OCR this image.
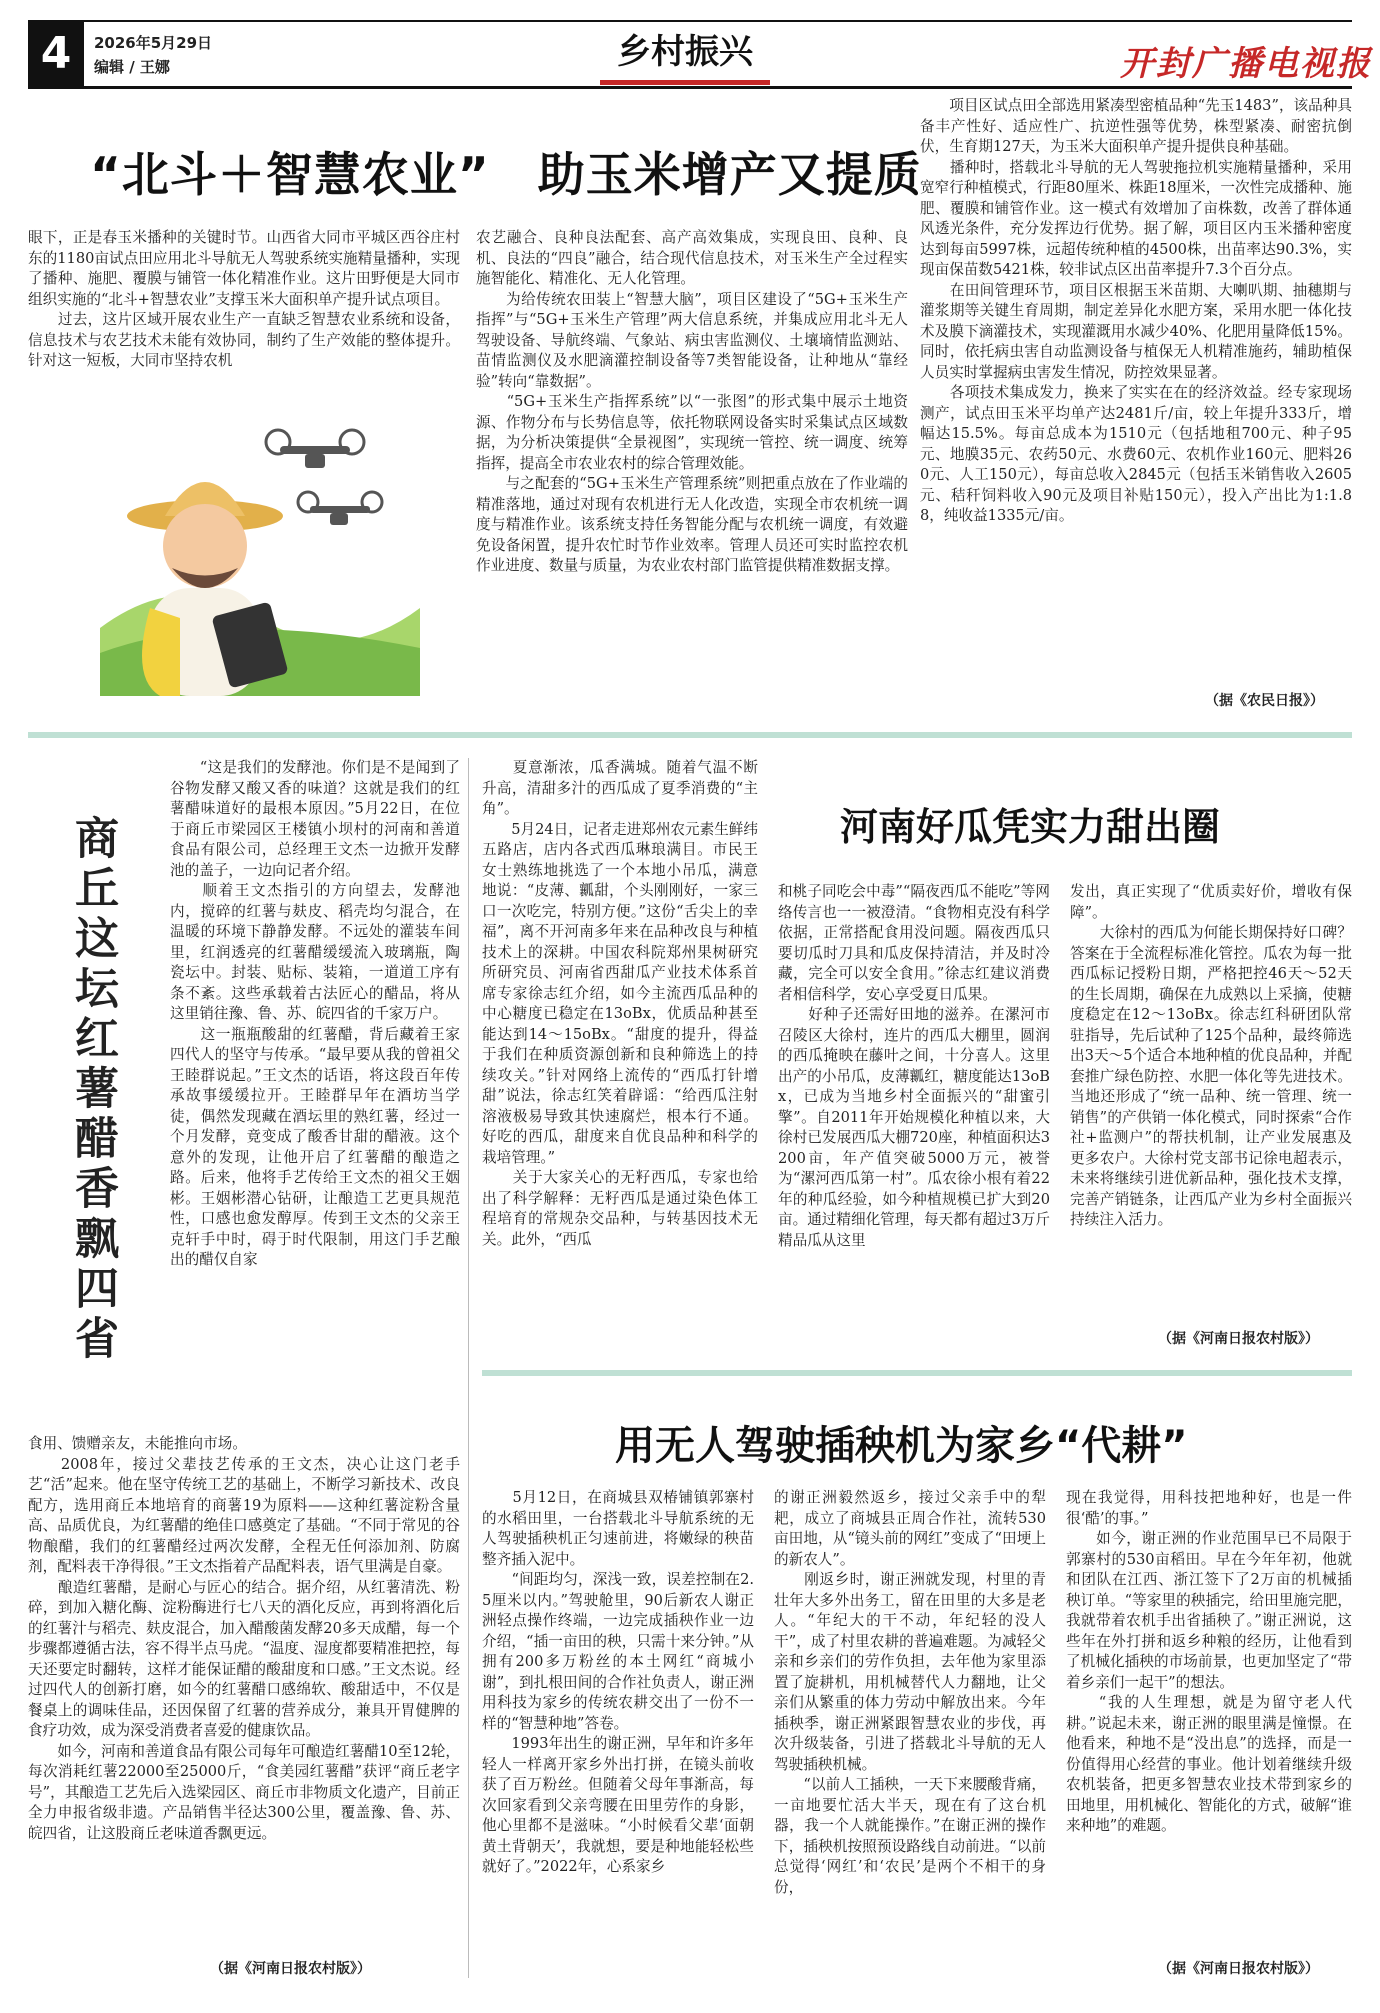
4	2026年5月29日
编辑 / 王娜	乡村振兴	开封广播电视报
“北斗＋智慧农业”　助玉米增产又提质
眼下，正是春玉米播种的关键时节。山西省大同市平城区西谷庄村东的1180亩试点田应用北斗导航无人驾驶系统实施精量播种，实现了播种、施肥、覆膜与铺管一体化精准作业。这片田野便是大同市组织实施的“北斗+智慧农业”支撑玉米大面积单产提升试点项目。
　　过去，这片区域开展农业生产一直缺乏智慧农业系统和设备，信息技术与农艺技术未能有效协同，制约了生产效能的整体提升。针对这一短板，大同市坚持农机
农艺融合、良种良法配套、高产高效集成，实现良田、良种、良机、良法的“四良”融合，结合现代信息技术，对玉米生产全过程实施智能化、精准化、无人化管理。
　　为给传统农田装上“智慧大脑”，项目区建设了“5G+玉米生产指挥”与“5G+玉米生产管理”两大信息系统，并集成应用北斗无人驾驶设备、导航终端、气象站、病虫害监测仪、土壤墒情监测站、苗情监测仪及水肥滴灌控制设备等7类智能设备，让种地从“靠经验”转向“靠数据”。
　　“5G+玉米生产指挥系统”以“一张图”的形式集中展示土地资源、作物分布与长势信息等，依托物联网设备实时采集试点区域数据，为分析决策提供“全景视图”，实现统一管控、统一调度、统筹指挥，提高全市农业农村的综合管理效能。
　　与之配套的“5G+玉米生产管理系统”则把重点放在了作业端的精准落地，通过对现有农机进行无人化改造，实现全市农机统一调度与精准作业。该系统支持任务智能分配与农机统一调度，有效避免设备闲置，提升农忙时节作业效率。管理人员还可实时监控农机作业进度、数量与质量，为农业农村部门监管提供精准数据支撑。
　　项目区试点田全部选用紧凑型密植品种“先玉1483”，该品种具备丰产性好、适应性广、抗逆性强等优势，株型紧凑、耐密抗倒伏，生育期127天，为玉米大面积单产提升提供良种基础。
　　播种时，搭载北斗导航的无人驾驶拖拉机实施精量播种，采用宽窄行种植模式，行距80厘米、株距18厘米，一次性完成播种、施肥、覆膜和铺管作业。这一模式有效增加了亩株数，改善了群体通风透光条件，充分发挥边行优势。据了解，项目区内玉米播种密度达到每亩5997株，远超传统种植的4500株，出苗率达90.3%，实现亩保苗数5421株，较非试点区出苗率提升7.3个百分点。
　　在田间管理环节，项目区根据玉米苗期、大喇叭期、抽穗期与灌浆期等关键生育周期，制定差异化水肥方案，采用水肥一体化技术及膜下滴灌技术，实现灌溉用水减少40%、化肥用量降低15%。同时，依托病虫害自动监测设备与植保无人机精准施药，辅助植保人员实时掌握病虫害发生情况，防控效果显著。
　　各项技术集成发力，换来了实实在在的经济效益。经专家现场测产，试点田玉米平均单产达2481斤/亩，较上年提升333斤，增幅达15.5%。每亩总成本为1510元（包括地租700元、种子95元、地膜35元、农药50元、水费60元、农机作业160元、肥料260元、人工150元），每亩总收入2845元（包括玉米销售收入2605元、秸秆饲料收入90元及项目补贴150元），投入产出比为1:1.88，纯收益1335元/亩。
（据《农民日报》）
商丘这坛红薯醋香飘四省
　　“这是我们的发酵池。你们是不是闻到了谷物发酵又酸又香的味道？这就是我们的红薯醋味道好的最根本原因。”5月22日，在位于商丘市梁园区王楼镇小坝村的河南和善道食品有限公司，总经理王文杰一边掀开发酵池的盖子，一边向记者介绍。
　　顺着王文杰指引的方向望去，发酵池内，搅碎的红薯与麸皮、稻壳均匀混合，在温暖的环境下静静发酵。不远处的灌装车间里，红润透亮的红薯醋缓缓流入玻璃瓶，陶瓷坛中。封装、贴标、装箱，一道道工序有条不紊。这些承载着古法匠心的醋品，将从这里销往豫、鲁、苏、皖四省的千家万户。
　　这一瓶瓶酸甜的红薯醋，背后藏着王家四代人的坚守与传承。“最早要从我的曾祖父王睦群说起。”王文杰的话语，将这段百年传承故事缓缓拉开。王睦群早年在酒坊当学徒，偶然发现藏在酒坛里的熟红薯，经过一个月发酵，竟变成了酸香甘甜的醋液。这个意外的发现，让他开启了红薯醋的酿造之路。后来，他将手艺传给王文杰的祖父王姻彬。王姻彬潜心钻研，让酿造工艺更具规范性，口感也愈发醇厚。传到王文杰的父亲王克轩手中时，碍于时代限制，用这门手艺酿出的醋仅自家
食用、馈赠亲友，未能推向市场。
　　2008年，接过父辈技艺传承的王文杰，决心让这门老手艺“活”起来。他在坚守传统工艺的基础上，不断学习新技术、改良配方，选用商丘本地培育的商薯19为原料——这种红薯淀粉含量高、品质优良，为红薯醋的绝佳口感奠定了基础。“不同于常见的谷物酿醋，我们的红薯醋经过两次发酵，全程无任何添加剂、防腐剂，配料表干净得很。”王文杰指着产品配料表，语气里满是自豪。
　　酿造红薯醋，是耐心与匠心的结合。据介绍，从红薯清洗、粉碎，到加入糖化酶、淀粉酶进行七八天的酒化反应，再到将酒化后的红薯汁与稻壳、麸皮混合，加入醋酸菌发酵20多天成醋，每一个步骤都遵循古法，容不得半点马虎。“温度、湿度都要精准把控，每天还要定时翻转，这样才能保证醋的酸甜度和口感。”王文杰说。经过四代人的创新打磨，如今的红薯醋口感绵软、酸甜适中，不仅是餐桌上的调味佳品，还因保留了红薯的营养成分，兼具开胃健脾的食疗功效，成为深受消费者喜爱的健康饮品。
　　如今，河南和善道食品有限公司每年可酿造红薯醋10至12轮，每次消耗红薯22000至25000斤，“食美园红薯醋”获评“商丘老字号”，其酿造工艺先后入选梁园区、商丘市非物质文化遗产，目前正全力申报省级非遗。产品销售半径达300公里，覆盖豫、鲁、苏、皖四省，让这股商丘老味道香飘更远。
（据《河南日报农村版》）
　　夏意渐浓，瓜香满城。随着气温不断升高，清甜多汁的西瓜成了夏季消费的“主角”。
　　5月24日，记者走进郑州农元素生鲜纬五路店，店内各式西瓜琳琅满目。市民王女士熟练地挑选了一个本地小吊瓜，满意地说：“皮薄、瓤甜，个头刚刚好，一家三口一次吃完，特别方便。”这份“舌尖上的幸福”，离不开河南多年来在品种改良与种植技术上的深耕。中国农科院郑州果树研究所研究员、河南省西甜瓜产业技术体系首席专家徐志红介绍，如今主流西瓜品种的中心糖度已稳定在13oBx，优质品种甚至能达到14～15oBx。“甜度的提升，得益于我们在种质资源创新和良种筛选上的持续攻关。”针对网络上流传的“西瓜打针增甜”说法，徐志红笑着辟谣：“给西瓜注射溶液极易导致其快速腐烂，根本行不通。好吃的西瓜，甜度来自优良品种和科学的栽培管理。”
　　关于大家关心的无籽西瓜，专家也给出了科学解释：无籽西瓜是通过染色体工程培育的常规杂交品种，与转基因技术无关。此外，“西瓜
河南好瓜凭实力甜出圈
和桃子同吃会中毒”“隔夜西瓜不能吃”等网络传言也一一被澄清。“食物相克没有科学依据，正常搭配食用没问题。隔夜西瓜只要切瓜时刀具和瓜皮保持清洁，并及时冷藏，完全可以安全食用。”徐志红建议消费者相信科学，安心享受夏日瓜果。
　　好种子还需好田地的滋养。在漯河市召陵区大徐村，连片的西瓜大棚里，圆润的西瓜掩映在藤叶之间，十分喜人。这里出产的小吊瓜，皮薄瓤红，糖度能达13oBx，已成为当地乡村全面振兴的“甜蜜引擎”。自2011年开始规模化种植以来，大徐村已发展西瓜大棚720座，种植面积达3200亩，年产值突破5000万元，被誉为“漯河西瓜第一村”。瓜农徐小根有着22年的种瓜经验，如今种植规模已扩大到20亩。通过精细化管理，每天都有超过3万斤精品瓜从这里
发出，真正实现了“优质卖好价，增收有保障”。
　　大徐村的西瓜为何能长期保持好口碑？答案在于全流程标准化管控。瓜农为每一批西瓜标记授粉日期，严格把控46天～52天的生长周期，确保在九成熟以上采摘，使糖度稳定在12～13oBx。徐志红科研团队常驻指导，先后试种了125个品种，最终筛选出3天～5个适合本地种植的优良品种，并配套推广绿色防控、水肥一体化等先进技术。当地还形成了“统一品种、统一管理、统一销售”的产供销一体化模式，同时探索“合作社+监测户”的帮扶机制，让产业发展惠及更多农户。大徐村党支部书记徐电超表示，未来将继续引进优新品种，强化技术支撑，完善产销链条，让西瓜产业为乡村全面振兴持续注入活力。
（据《河南日报农村版》）
用无人驾驶插秧机为家乡“代耕”
　　5月12日，在商城县双椿铺镇郭寨村的水稻田里，一台搭载北斗导航系统的无人驾驶插秧机正匀速前进，将嫩绿的秧苗整齐插入泥中。
　　“间距均匀，深浅一致，误差控制在2.5厘米以内。”驾驶舱里，90后新农人谢正洲轻点操作终端，一边完成插秧作业一边介绍，“插一亩田的秧，只需十来分钟。”从拥有200多万粉丝的本土网红“商城小谢”，到扎根田间的合作社负责人，谢正洲用科技为家乡的传统农耕交出了一份不一样的“智慧种地”答卷。
　　1993年出生的谢正洲，早年和许多年轻人一样离开家乡外出打拼，在镜头前收获了百万粉丝。但随着父母年事渐高，每次回家看到父亲弯腰在田里劳作的身影，他心里都不是滋味。“小时候看父辈‘面朝黄土背朝天’，我就想，要是种地能轻松些就好了。”2022年，心系家乡
的谢正洲毅然返乡，接过父亲手中的犁耙，成立了商城县正周合作社，流转530亩田地，从“镜头前的网红”变成了“田埂上的新农人”。
　　刚返乡时，谢正洲就发现，村里的青壮年大多外出务工，留在田里的大多是老人。“年纪大的干不动，年纪轻的没人干”，成了村里农耕的普遍难题。为减轻父亲和乡亲们的劳作负担，去年他为家里添置了旋耕机，用机械替代人力翻地，让父亲们从繁重的体力劳动中解放出来。今年插秧季，谢正洲紧跟智慧农业的步伐，再次升级装备，引进了搭载北斗导航的无人驾驶插秧机械。
　　“以前人工插秧，一天下来腰酸背痛，一亩地要忙活大半天，现在有了这台机器，我一个人就能操作。”在谢正洲的操作下，插秧机按照预设路线自动前进。“以前总觉得‘网红’和‘农民’是两个不相干的身份，
现在我觉得，用科技把地种好，也是一件很‘酷’的事。”
　　如今，谢正洲的作业范围早已不局限于郭寨村的530亩稻田。早在今年年初，他就和团队在江西、浙江签下了2万亩的机械插秧订单。“等家里的秧插完，给田里施完肥，我就带着农机手出省插秧了。”谢正洲说，这些年在外打拼和返乡种粮的经历，让他看到了机械化插秧的市场前景，也更加坚定了“带着乡亲们一起干”的想法。
　　“我的人生理想，就是为留守老人代耕。”说起未来，谢正洲的眼里满是憧憬。在他看来，种地不是“没出息”的选择，而是一份值得用心经营的事业。他计划着继续升级农机装备，把更多智慧农业技术带到家乡的田地里，用机械化、智能化的方式，破解“谁来种地”的难题。
（据《河南日报农村版》）
